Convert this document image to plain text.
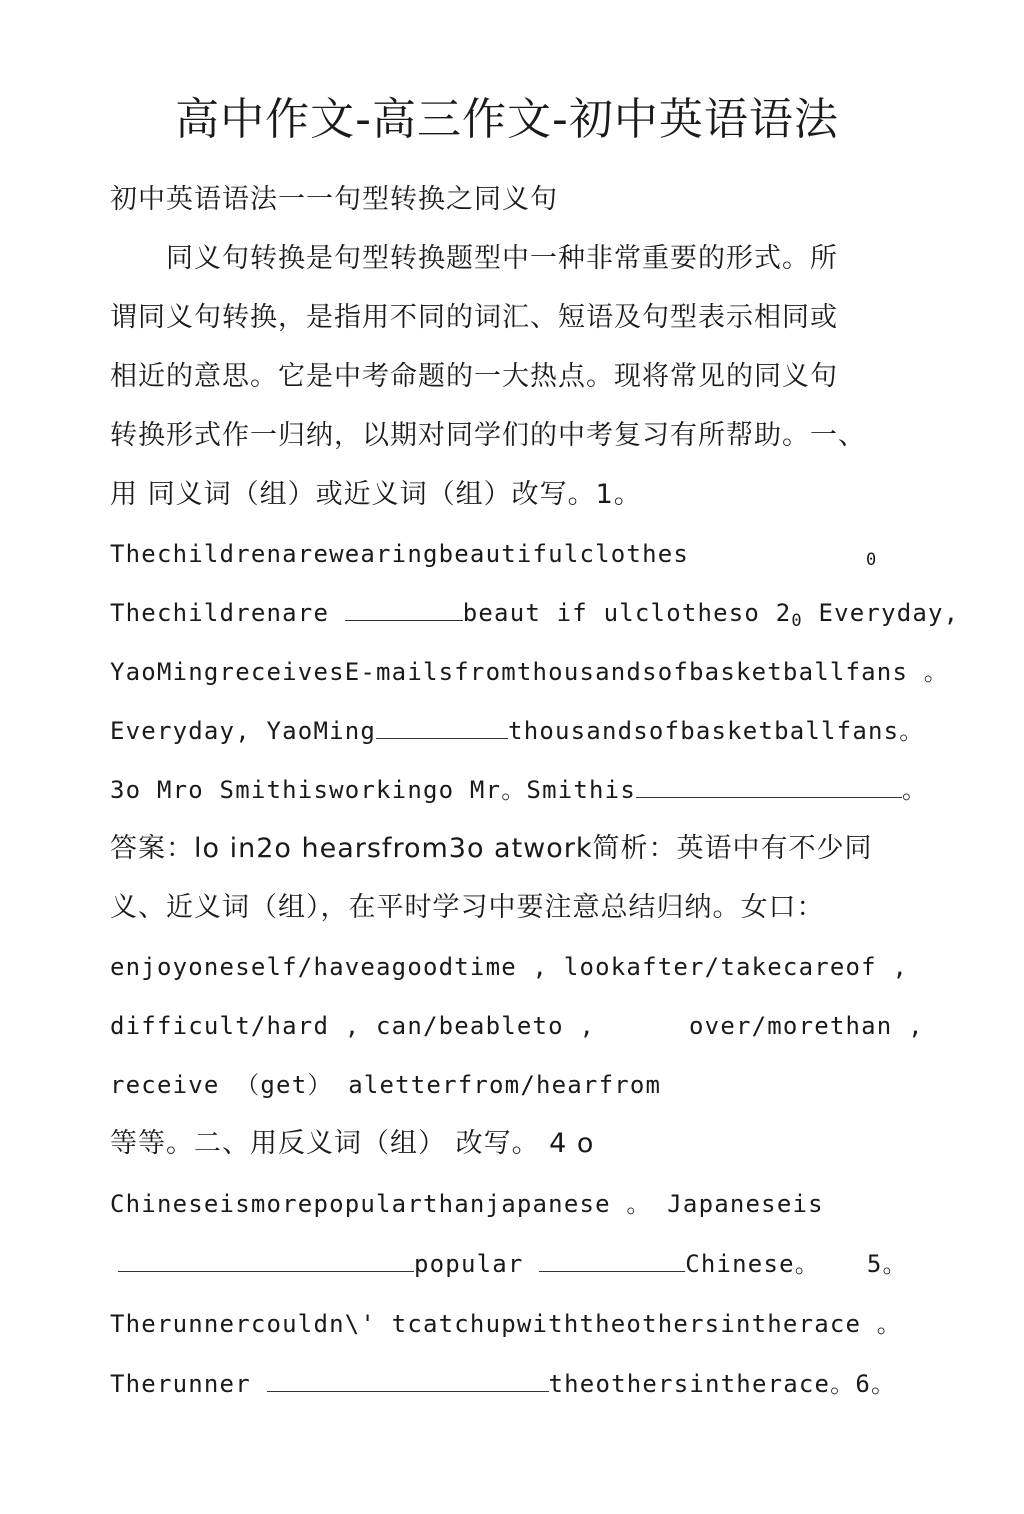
高中作文-高三作文-初中英语语法
初中英语语法一一句型转换之同义句
　　同义句转换是句型转换题型中一种非常重要的形式。所
谓同义句转换，是指用不同的词汇、短语及句型表示相同或
相近的意思。它是中考命题的一大热点。现将常见的同义句
转换形式作一归纳，以期对同学们的中考复习有所帮助。一、
用 同义词（组）或近义词（组）改写。1。
Thechildrenarewearingbeautifulclothes	0
Thechildrenare	beaut if ulclotheso $2_0$ Everyday,
YaoMingreceivesE-mailsfromthousandsofbasketballfans 。
Everyday, YaoMing	thousandsofbasketballfans。
3o Mro Smithisworkingo Mr。Smithis	。
答案：lo in2o hearsfrom3o atwork简析：英语中有不少同
义、近义词（组），在平时学习中要注意总结归纳。女口：
enjoyoneself/haveagoodtime , lookafter/takecareof ,
difficult/hard , can/beableto ,      over/morethan ,
receive （get） aletterfrom/hearfrom
等等。二、用反义词（组） 改写。 4 o
Chineseismorepopularthanjapanese 。 Japaneseis
popular	Chinese。   5。
Therunnercouldn\' tcatchupwiththeothersintherace 。
Therunner	theothersintherace。6。
